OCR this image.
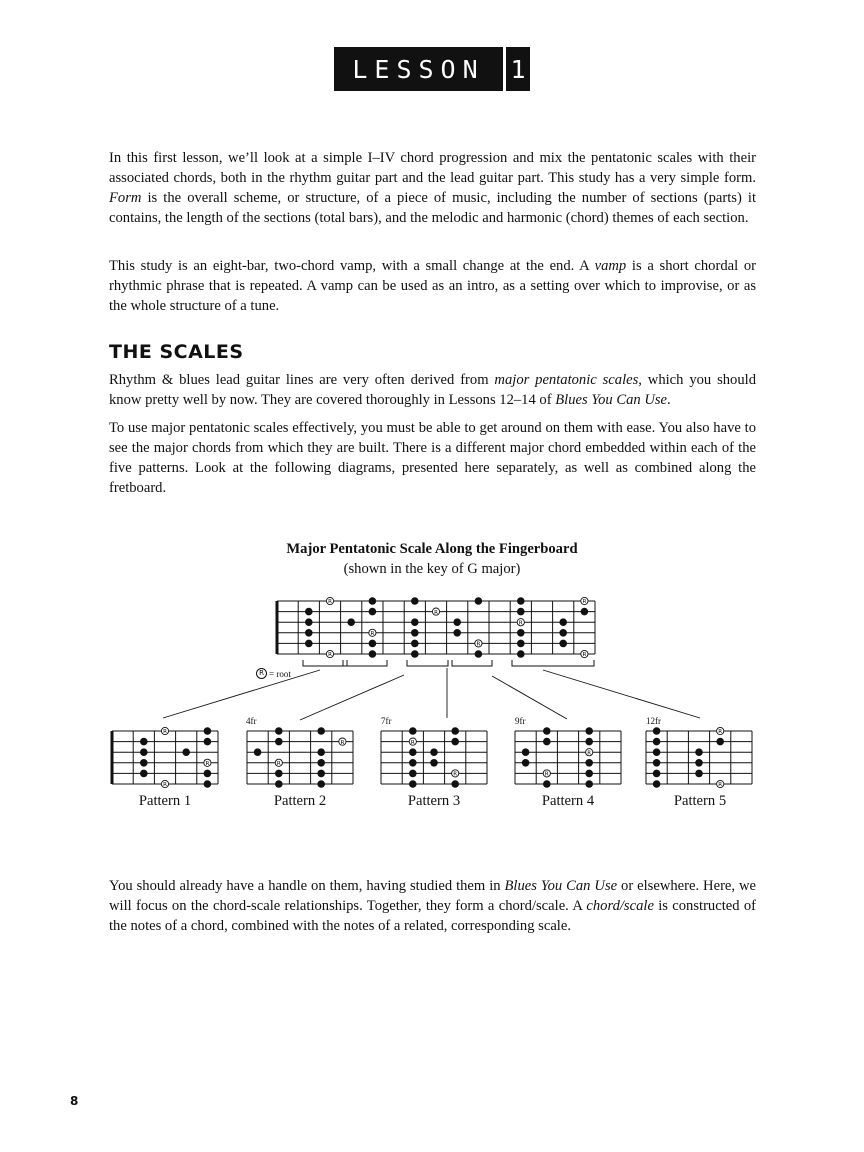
LESSON	1

In this first lesson, we’ll look at a simple I–IV chord progression and mix the pentatonic scales with their associated chords, both in the rhythm guitar part and the lead guitar part. This study has a very simple form. Form is the overall scheme, or structure, of a piece of music, including the number of sections (parts) it contains, the length of the sections (total bars), and the melodic and harmonic (chord) themes of each section.

This study is an eight-bar, two-chord vamp, with a small change at the end. A vamp is a short chordal or rhythmic phrase that is repeated. A vamp can be used as an intro, as a setting over which to improvise, or as the whole structure of a tune.

THE SCALES

Rhythm & blues lead guitar lines are very often derived from major pentatonic scales, which you should know pretty well by now. They are covered thoroughly in Lessons 12–14 of Blues You Can Use.

To use major pentatonic scales effectively, you must be able to get around on them with ease. You also have to see the major chords from which they are built. There is a different major chord embedded within each of the five patterns. Look at the following diagrams, presented here separately, as well as combined along the fretboard.

Major Pentatonic Scale Along the Fingerboard
(shown in the key of G major)
R
R
R
R
R
R
R
R
R
R
R
R
R
R
R
R
R
R
R
R = root
4fr	7fr	9fr	12fr
Pattern 1	Pattern 2	Pattern 3	Pattern 4	Pattern 5

You should already have a handle on them, having studied them in Blues You Can Use or elsewhere. Here, we will focus on the chord-scale relationships. Together, they form a chord/scale. A chord/scale is constructed of the notes of a chord, combined with the notes of a related, corresponding scale.

8
